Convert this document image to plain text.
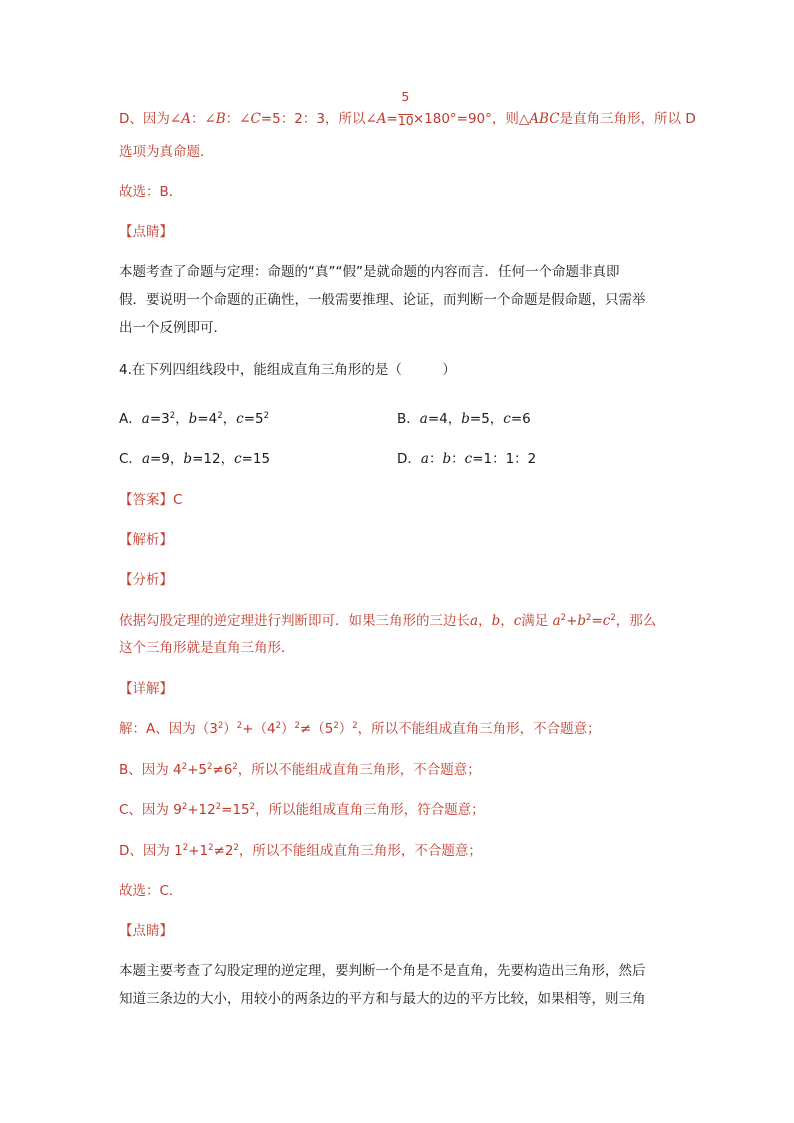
D、因为∠A：∠B：∠C=5：2：3，所以∠A= $\frac{5}{10} \times 180^\circ=90^\circ$，则△ABC是直角三角形，所以 D
选项为真命题．
故选：B．
【点睛】
本题考查了命题与定理：命题的“真”“假”是就命题的内容而言．任何一个命题非真即
假．要说明一个命题的正确性，一般需要推理、论证，而判断一个命题是假命题，只需举
出一个反例即可．
4.在下列四组线段中，能组成直角三角形的是（　　　）
A．$a=3^2$，$b=4^2$，$c=5^2$	B．a=4，b=5，c=6
C．a=9，b=12，c=15	D．a：b：c=1：1：2
【答案】C
【解析】
【分析】
依据勾股定理的逆定理进行判断即可．如果三角形的三边长a，b，c满足 $a^2+b^2=c^2$，那么
这个三角形就是直角三角形．
【详解】
解：A、因为$(3^2)^2+(4^2)^2\ne(5^2)^2$，所以不能组成直角三角形，不合题意；
B、因为 $4^2+5^2\ne 6^2$，所以不能组成直角三角形，不合题意；
C、因为 $9^2+12^2=15^2$，所以能组成直角三角形，符合题意；
D、因为 $1^2+1^2\ne 2^2$，所以不能组成直角三角形，不合题意；
故选：C．
【点睛】
本题主要考查了勾股定理的逆定理，要判断一个角是不是直角，先要构造出三角形，然后
知道三条边的大小，用较小的两条边的平方和与最大的边的平方比较，如果相等，则三角
